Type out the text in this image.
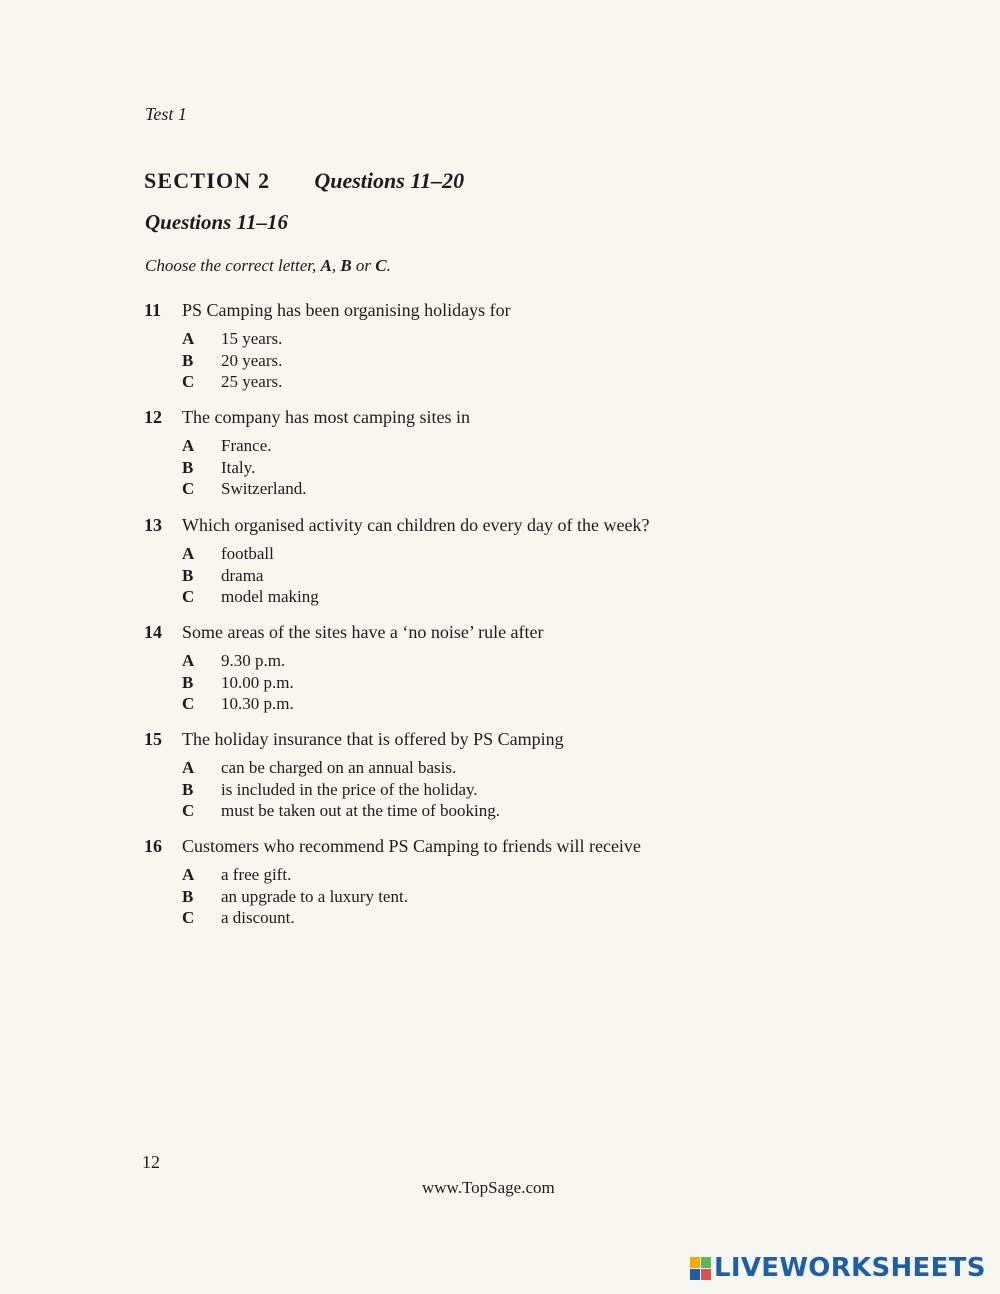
Test 1
SECTION 2 Questions 11–20
Questions 11–16
Choose the correct letter, A, B or C.
11 PS Camping has been organising holidays for
A 15 years.
B 20 years.
C 25 years.
12 The company has most camping sites in
A France.
B Italy.
C Switzerland.
13 Which organised activity can children do every day of the week?
A football
B drama
C model making
14 Some areas of the sites have a ‘no noise’ rule after
A 9.30 p.m.
B 10.00 p.m.
C 10.30 p.m.
15 The holiday insurance that is offered by PS Camping
A can be charged on an annual basis.
B is included in the price of the holiday.
C must be taken out at the time of booking.
16 Customers who recommend PS Camping to friends will receive
A a free gift.
B an upgrade to a luxury tent.
C a discount.
12
www.TopSage.com
LIVEWORKSHEETS
